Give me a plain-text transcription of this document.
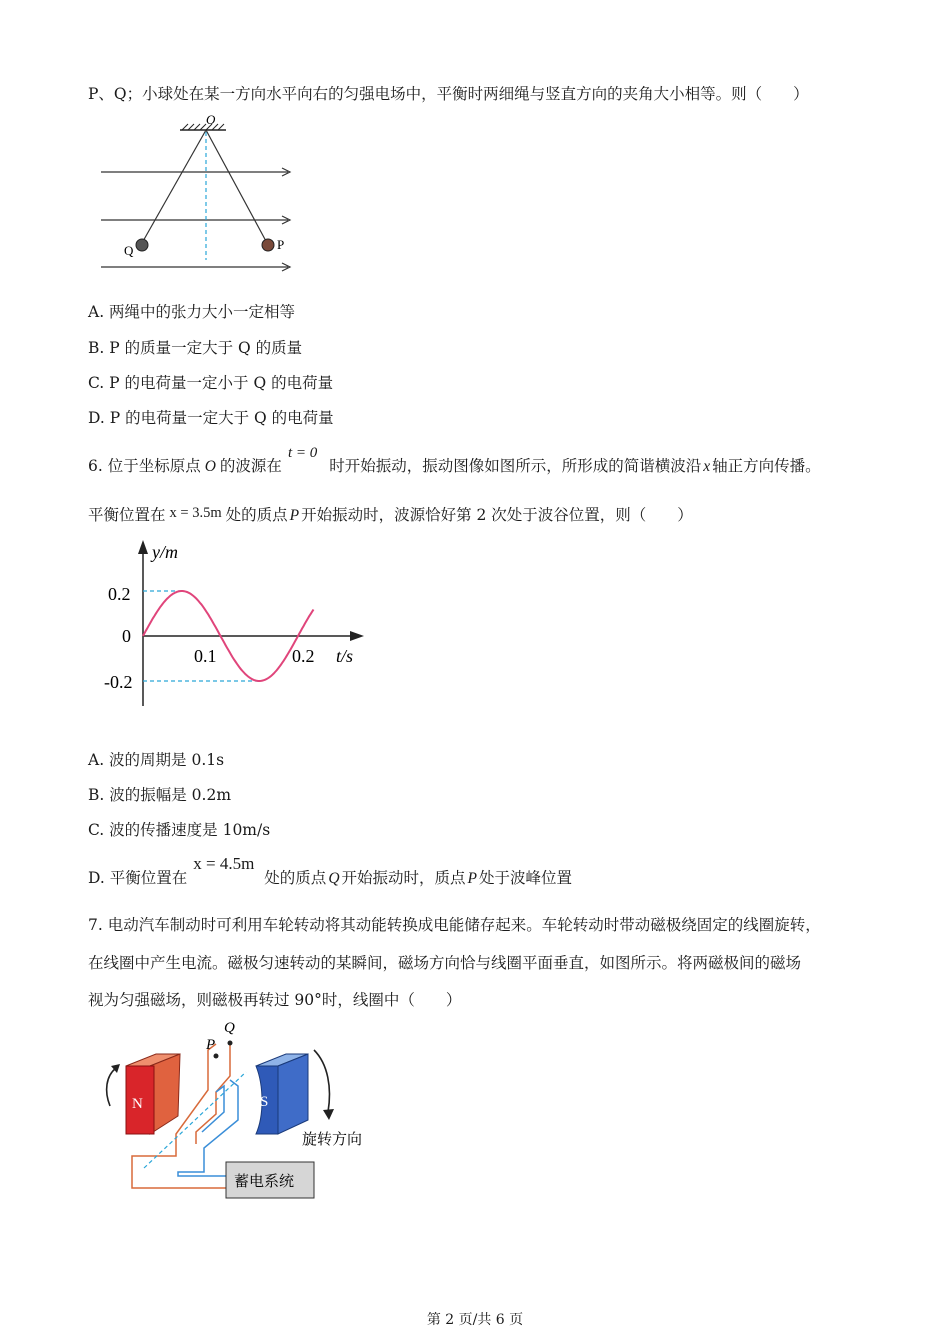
P、Q；小球处在某一方向水平向右的匀强电场中，平衡时两细绳与竖直方向的夹角大小相等。则（　　）
O
Q	P
A. 两绳中的张力大小一定相等
B. P 的质量一定大于 Q 的质量
C. P 的电荷量一定小于 Q 的电荷量
D. P 的电荷量一定大于 Q 的电荷量
6. 位于坐标原点 O 的波源在t = 0时开始振动，振动图像如图所示，所形成的简谐横波沿 x 轴正方向传播。
平衡位置在 x = 3.5m 处的质点 P 开始振动时，波源恰好第 2 次处于波谷位置，则（　　）
y/m
t/s
0.2
0
-0.2
0.1	0.2
A. 波的周期是 0.1s
B. 波的振幅是 0.2m
C. 波的传播速度是 10m/s
D. 平衡位置在x = 4.5m处的质点 Q 开始振动时，质点 P 处于波峰位置
7. 电动汽车制动时可利用车轮转动将其动能转换成电能储存起来。车轮转动时带动磁极绕固定的线圈旋转，
在线圈中产生电流。磁极匀速转动的某瞬间，磁场方向恰与线圈平面垂直，如图所示。将两磁极间的磁场
视为匀强磁场，则磁极再转过 90°时，线圈中（　　）
N	S
P
Q
旋转方向
蓄电系统
第 2 页/共 6 页
